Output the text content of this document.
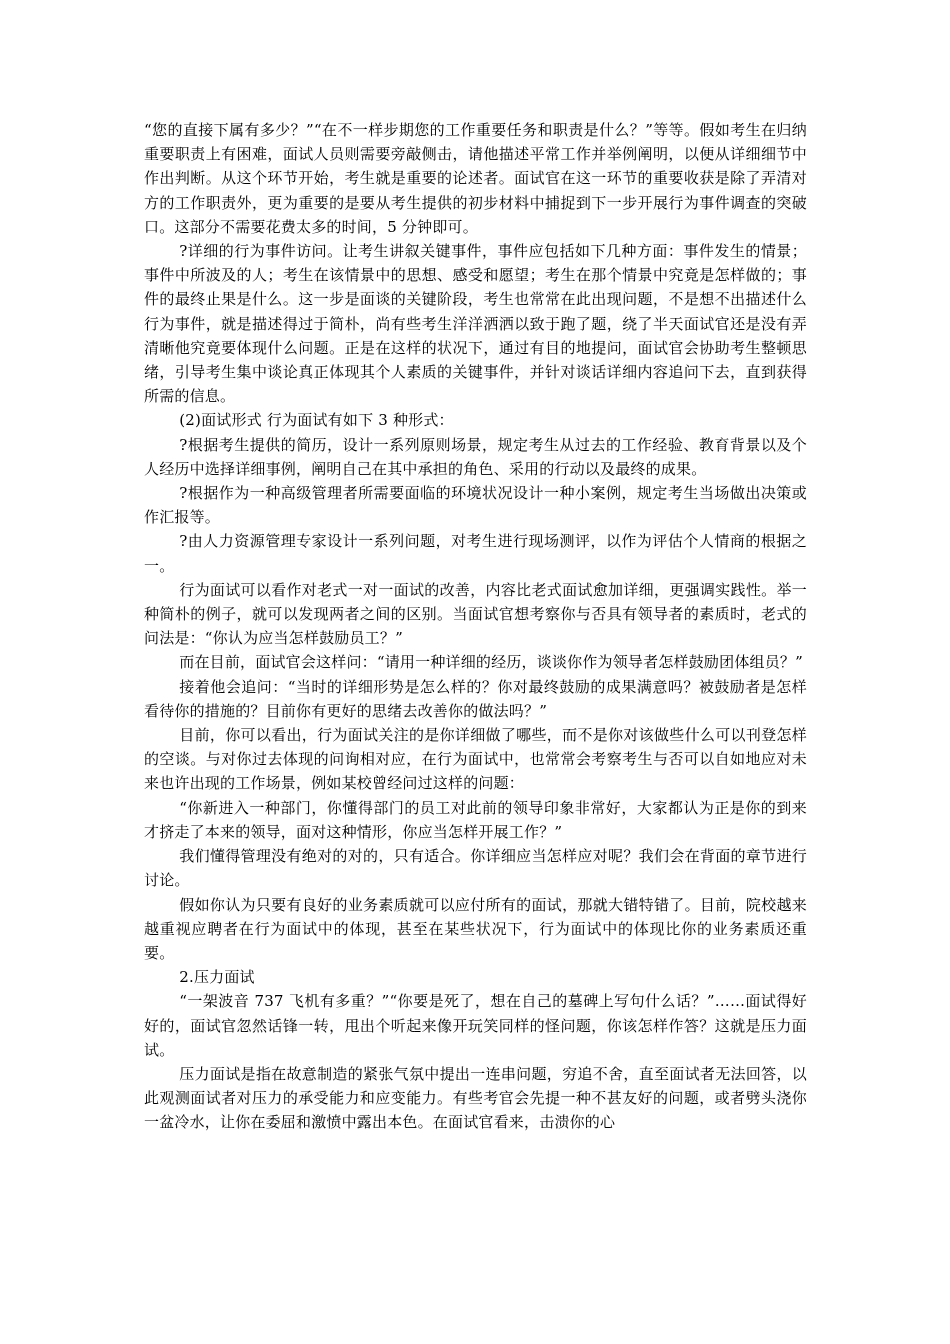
“您的直接下属有多少？”“在不一样步期您的工作重要任务和职责是什么？”等等。假如考生在归纳重要职责上有困难，面试人员则需要旁敲侧击，请他描述平常工作并举例阐明，以便从详细细节中作出判断。从这个环节开始，考生就是重要的论述者。面试官在这一环节的重要收获是除了弄清对方的工作职责外，更为重要的是要从考生提供的初步材料中捕捉到下一步开展行为事件调查的突破口。这部分不需要花费太多的时间，5 分钟即可。

?详细的行为事件访问。让考生讲叙关键事件，事件应包括如下几种方面：事件发生的情景；事件中所波及的人；考生在该情景中的思想、感受和愿望；考生在那个情景中究竟是怎样做的；事件的最终止果是什么。这一步是面谈的关键阶段，考生也常常在此出现问题，不是想不出描述什么行为事件，就是描述得过于简朴，尚有些考生洋洋洒洒以致于跑了题，绕了半天面试官还是没有弄清晰他究竟要体现什么问题。正是在这样的状况下，通过有目的地提问，面试官会协助考生整顿思绪，引导考生集中谈论真正体现其个人素质的关键事件，并针对谈话详细内容追问下去，直到获得所需的信息。

(2)面试形式 行为面试有如下 3 种形式：

?根据考生提供的简历，设计一系列原则场景，规定考生从过去的工作经验、教育背景以及个人经历中选择详细事例，阐明自己在其中承担的角色、采用的行动以及最终的成果。

?根据作为一种高级管理者所需要面临的环境状况设计一种小案例，规定考生当场做出决策或作汇报等。

?由人力资源管理专家设计一系列问题，对考生进行现场测评，以作为评估个人情商的根据之一。

行为面试可以看作对老式一对一面试的改善，内容比老式面试愈加详细，更强调实践性。举一种简朴的例子，就可以发现两者之间的区别。当面试官想考察你与否具有领导者的素质时，老式的问法是：“你认为应当怎样鼓励员工？”

而在目前，面试官会这样问：“请用一种详细的经历，谈谈你作为领导者怎样鼓励团体组员？”

接着他会追问：“当时的详细形势是怎么样的？你对最终鼓励的成果满意吗？被鼓励者是怎样看待你的措施的？目前你有更好的思绪去改善你的做法吗？”

目前，你可以看出，行为面试关注的是你详细做了哪些，而不是你对该做些什么可以刊登怎样的空谈。与对你过去体现的问询相对应，在行为面试中，也常常会考察考生与否可以自如地应对未来也许出现的工作场景，例如某校曾经问过这样的问题：

“你新进入一种部门，你懂得部门的员工对此前的领导印象非常好，大家都认为正是你的到来才挤走了本来的领导，面对这种情形，你应当怎样开展工作？”

我们懂得管理没有绝对的对的，只有适合。你详细应当怎样应对呢？我们会在背面的章节进行讨论。

假如你认为只要有良好的业务素质就可以应付所有的面试，那就大错特错了。目前，院校越来越重视应聘者在行为面试中的体现，甚至在某些状况下，行为面试中的体现比你的业务素质还重要。

2.压力面试

“一架波音 737 飞机有多重？”“你要是死了，想在自己的墓碑上写句什么话？”……面试得好好的，面试官忽然话锋一转，甩出个听起来像开玩笑同样的怪问题，你该怎样作答？这就是压力面试。

压力面试是指在故意制造的紧张气氛中提出一连串问题，穷追不舍，直至面试者无法回答，以此观测面试者对压力的承受能力和应变能力。有些考官会先提一种不甚友好的问题，或者劈头浇你一盆冷水，让你在委屈和激愤中露出本色。在面试官看来，击溃你的心
